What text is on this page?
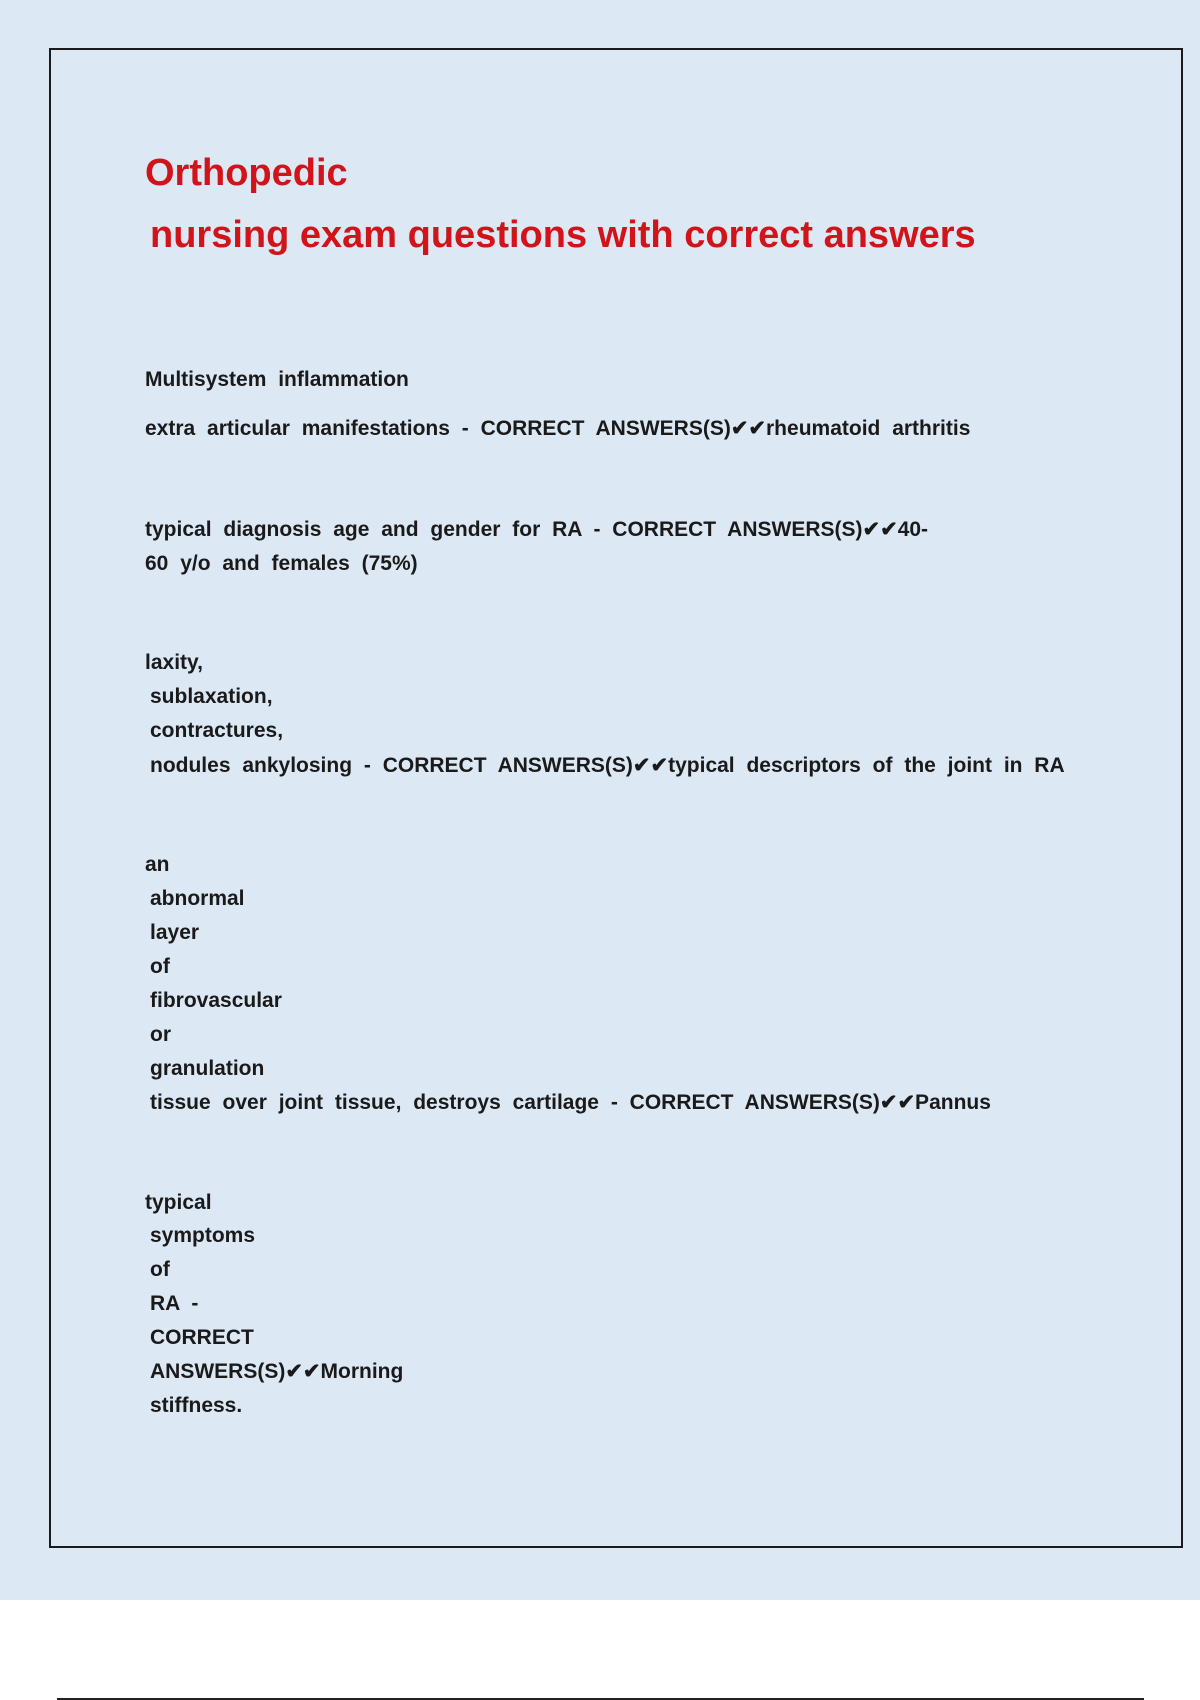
Orthopedic
nursing exam questions with correct answers

Multisystem inflammation

extra articular manifestations - CORRECT ANSWERS(S)✔✔rheumatoid arthritis

typical diagnosis age and gender for RA - CORRECT ANSWERS(S)✔✔40-

60 y/o and females (75%)

laxity,

sublaxation,

contractures,

nodules ankylosing - CORRECT ANSWERS(S)✔✔typical descriptors of the joint in RA

an

abnormal

layer

of

fibrovascular

or

granulation

tissue over joint tissue, destroys cartilage - CORRECT ANSWERS(S)✔✔Pannus

typical

symptoms

of

RA -

CORRECT

ANSWERS(S)✔✔Morning

stiffness.
